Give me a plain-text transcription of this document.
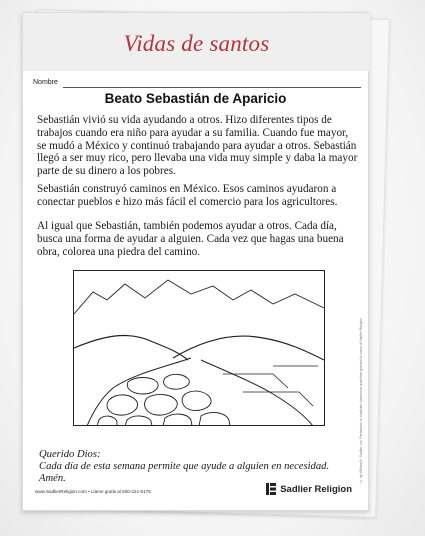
Vidas de santos
Nombre
Beato Sebastián de Aparicio

Sebastián vivió su vida ayudando a otros. Hizo diferentes tipos de trabajos cuando era niño para ayudar a su familia. Cuando fue mayor, se mudó a México y continuó trabajando para ayudar a otros. Sebastián llegó a ser muy rico, pero llevaba una vida muy simple y daba la mayor parte de su dinero a los pobres.

Sebastián construyó caminos en México. Esos caminos ayudaron a conectar pueblos e hizo más fácil el comercio para los agricultores.

Al igual que Sebastián, también podemos ayudar a otros. Cada día, busca una forma de ayudar a alguien. Cada vez que hagas una buena obra, colorea una piedra del camino.

Querido Dios:
Cada día de esta semana permite que ayude a alguien en necesidad.
Amén.
www.SadlierReligion.com • Llame gratis al 800-221-5175	Sadlier Religion
© by William H. Sadlier, Inc. Permission to duplicate classroom quantities granted to users of Sadlier Religion.
